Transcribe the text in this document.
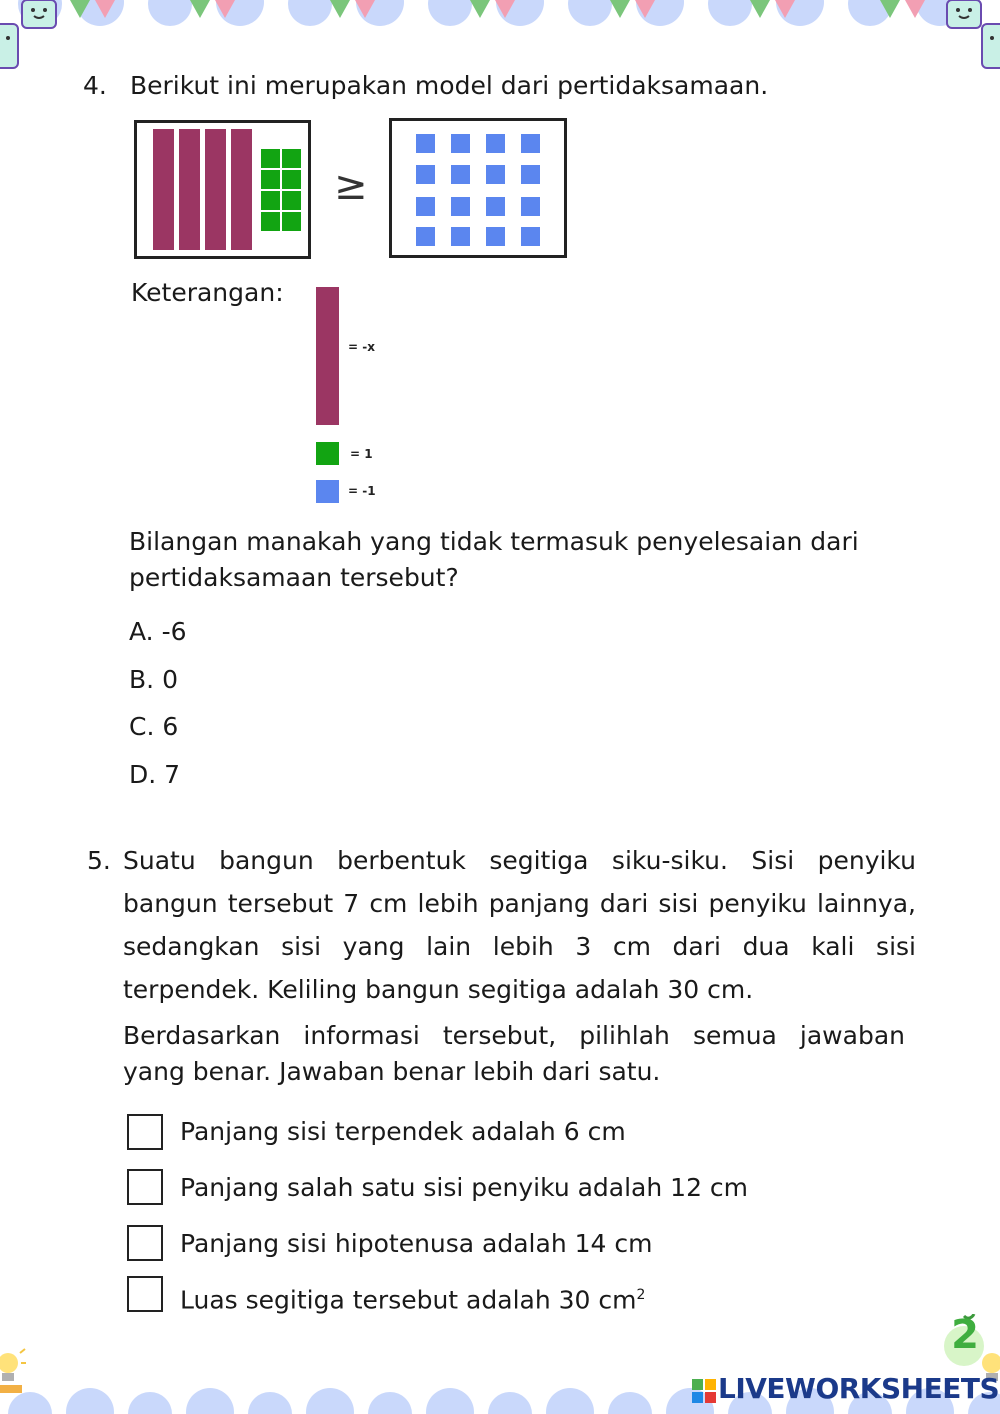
4. Berikut ini merupakan model dari pertidaksamaan.
≥
Keterangan:
= -x
= 1
= -1
Bilangan manakah yang tidak termasuk penyelesaian dari
pertidaksamaan tersebut?
A. -6
B. 0
C. 6
D. 7
5. Suatu bangun berbentuk segitiga siku-siku. Sisi penyiku
bangun tersebut 7 cm lebih panjang dari sisi penyiku lainnya,
sedangkan sisi yang lain lebih 3 cm dari dua kali sisi
terpendek. Keliling bangun segitiga adalah 30 cm.
Berdasarkan informasi tersebut, pilihlah semua jawaban
yang benar. Jawaban benar lebih dari satu.
Panjang sisi terpendek adalah 6 cm
Panjang salah satu sisi penyiku adalah 12 cm
Panjang sisi hipotenusa adalah 14 cm
Luas segitiga tersebut adalah 30 $cm^2$
2
LIVEWORKSHEETS
